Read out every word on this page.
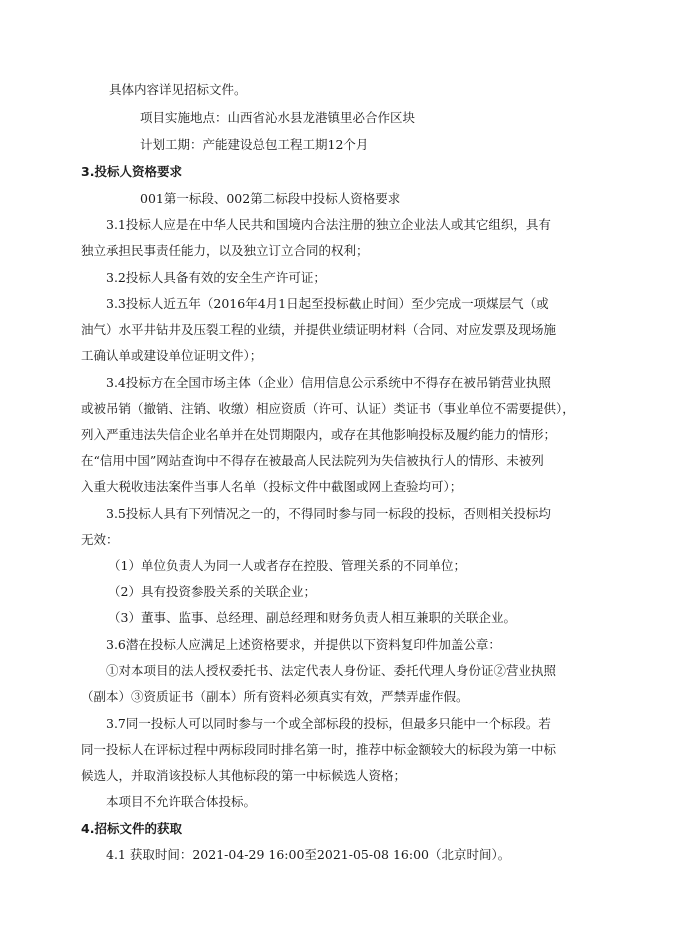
具体内容详见招标文件。
项目实施地点：山西省沁水县龙港镇里必合作区块
计划工期：产能建设总包工程工期12个月
3.投标人资格要求
001第一标段、002第二标段中投标人资格要求
3.1投标人应是在中华人民共和国境内合法注册的独立企业法人或其它组织，具有
独立承担民事责任能力，以及独立订立合同的权利；
3.2投标人具备有效的安全生产许可证；
3.3投标人近五年（2016年4月1日起至投标截止时间）至少完成一项煤层气（或
油气）水平井钻井及压裂工程的业绩，并提供业绩证明材料（合同、对应发票及现场施
工确认单或建设单位证明文件）；
3.4投标方在全国市场主体（企业）信用信息公示系统中不得存在被吊销营业执照
或被吊销（撤销、注销、收缴）相应资质（许可、认证）类证书（事业单位不需要提供），
列入严重违法失信企业名单并在处罚期限内，或存在其他影响投标及履约能力的情形；
在“信用中国”网站查询中不得存在被最高人民法院列为失信被执行人的情形、未被列
入重大税收违法案件当事人名单（投标文件中截图或网上查验均可）；
3.5投标人具有下列情况之一的，不得同时参与同一标段的投标，否则相关投标均
无效：
（1）单位负责人为同一人或者存在控股、管理关系的不同单位；
（2）具有投资参股关系的关联企业；
（3）董事、监事、总经理、副总经理和财务负责人相互兼职的关联企业。
3.6潜在投标人应满足上述资格要求，并提供以下资料复印件加盖公章：
①对本项目的法人授权委托书、法定代表人身份证、委托代理人身份证②营业执照
（副本）③资质证书（副本）所有资料必须真实有效，严禁弄虚作假。
3.7同一投标人可以同时参与一个或全部标段的投标，但最多只能中一个标段。若
同一投标人在评标过程中两标段同时排名第一时，推荐中标金额较大的标段为第一中标
候选人，并取消该投标人其他标段的第一中标候选人资格；
本项目不允许联合体投标。
4.招标文件的获取
4.1 获取时间：2021-04-29 16:00至2021-05-08 16:00（北京时间）。
